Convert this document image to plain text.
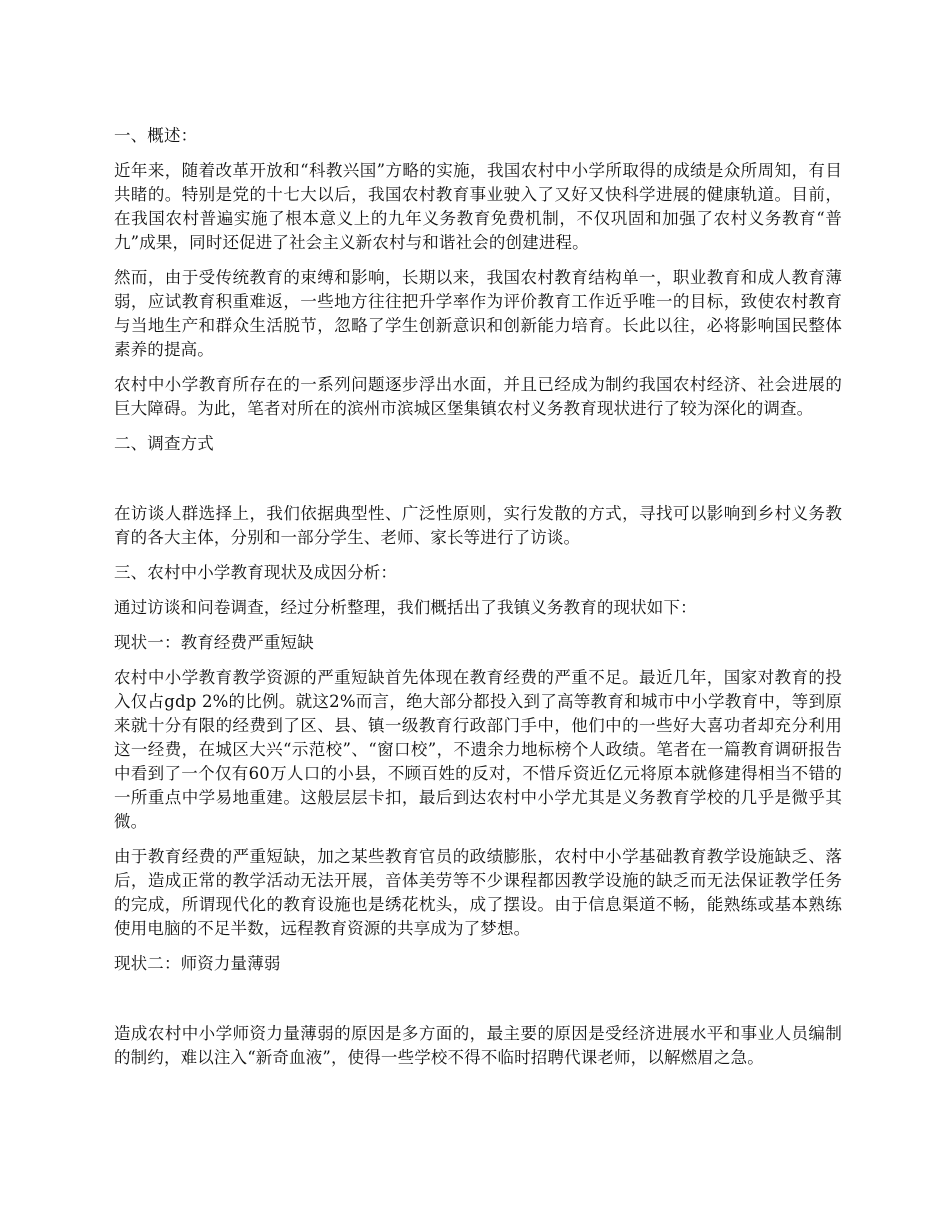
一、概述：

近年来，随着改革开放和“科教兴国”方略的实施，我国农村中小学所取得的成绩是众所周知，有目共睹的。特别是党的十七大以后，我国农村教育事业驶入了又好又快科学进展的健康轨道。目前，在我国农村普遍实施了根本意义上的九年义务教育免费机制，不仅巩固和加强了农村义务教育“普九”成果，同时还促进了社会主义新农村与和谐社会的创建进程。

然而，由于受传统教育的束缚和影响，长期以来，我国农村教育结构单一，职业教育和成人教育薄弱，应试教育积重难返，一些地方往往把升学率作为评价教育工作近乎唯一的目标，致使农村教育与当地生产和群众生活脱节，忽略了学生创新意识和创新能力培育。长此以往，必将影响国民整体素养的提高。

农村中小学教育所存在的一系列问题逐步浮出水面，并且已经成为制约我国农村经济、社会进展的巨大障碍。为此，笔者对所在的滨州市滨城区堡集镇农村义务教育现状进行了较为深化的调查。

二、调查方式

在访谈人群选择上，我们依据典型性、广泛性原则，实行发散的方式，寻找可以影响到乡村义务教育的各大主体，分别和一部分学生、老师、家长等进行了访谈。

三、农村中小学教育现状及成因分析：

通过访谈和问卷调查，经过分析整理，我们概括出了我镇义务教育的现状如下：

现状一：教育经费严重短缺

农村中小学教育教学资源的严重短缺首先体现在教育经费的严重不足。最近几年，国家对教育的投入仅占gdp 2%的比例。就这2%而言，绝大部分都投入到了高等教育和城市中小学教育中，等到原来就十分有限的经费到了区、县、镇一级教育行政部门手中，他们中的一些好大喜功者却充分利用这一经费，在城区大兴“示范校”、“窗口校”，不遗余力地标榜个人政绩。笔者在一篇教育调研报告中看到了一个仅有60万人口的小县，不顾百姓的反对，不惜斥资近亿元将原本就修建得相当不错的一所重点中学易地重建。这般层层卡扣，最后到达农村中小学尤其是义务教育学校的几乎是微乎其微。

由于教育经费的严重短缺，加之某些教育官员的政绩膨胀，农村中小学基础教育教学设施缺乏、落后，造成正常的教学活动无法开展，音体美劳等不少课程都因教学设施的缺乏而无法保证教学任务的完成，所谓现代化的教育设施也是绣花枕头，成了摆设。由于信息渠道不畅，能熟练或基本熟练使用电脑的不足半数，远程教育资源的共享成为了梦想。

现状二：师资力量薄弱

造成农村中小学师资力量薄弱的原因是多方面的，最主要的原因是受经济进展水平和事业人员编制的制约，难以注入“新奇血液”，使得一些学校不得不临时招聘代课老师，以解燃眉之急。
